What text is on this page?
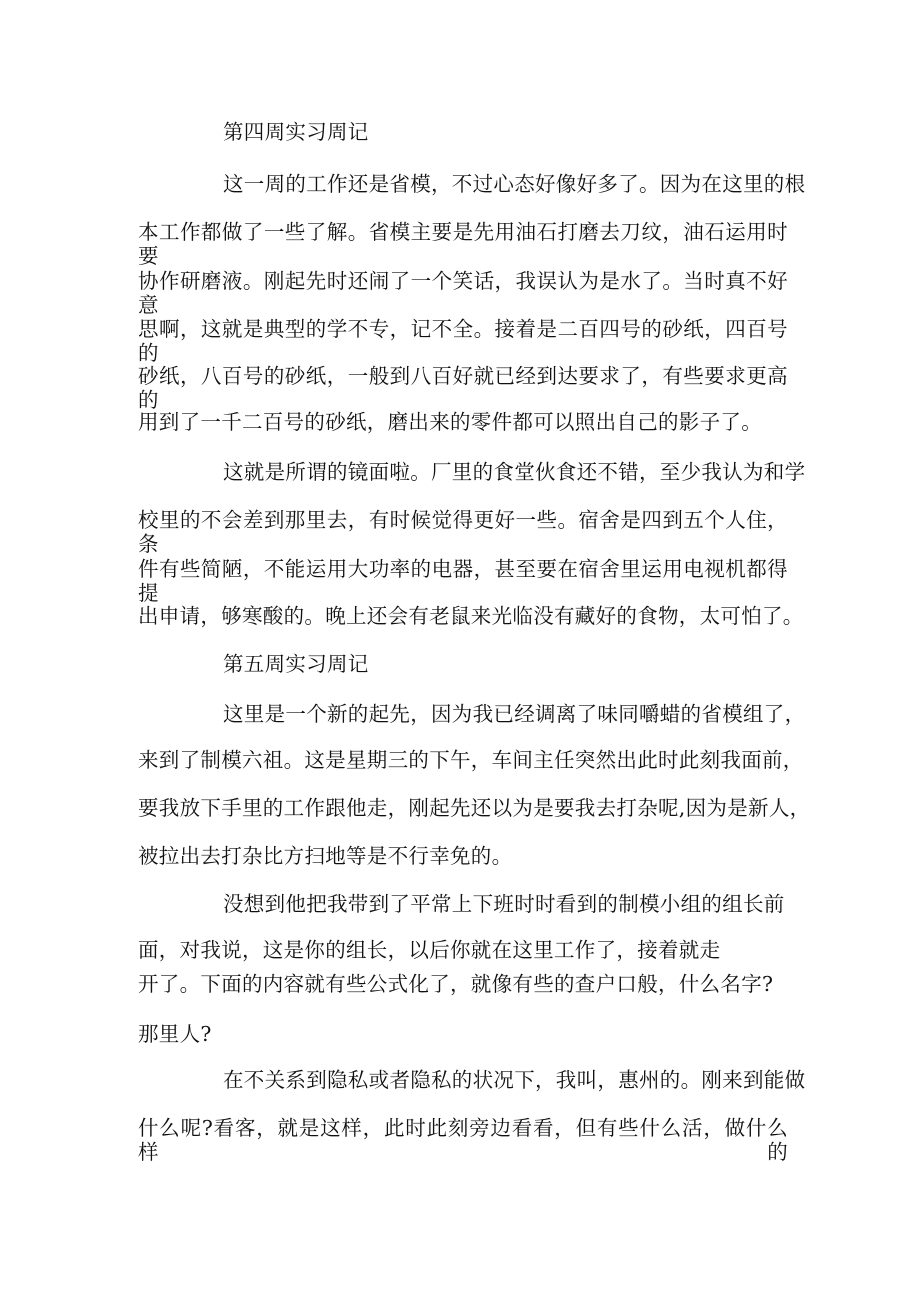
第四周实习周记
这一周的工作还是省模，不过心态好像好多了。因为在这里的根
本工作都做了一些了解。省模主要是先用油石打磨去刀纹，油石运用时要
协作研磨液。刚起先时还闹了一个笑话，我误认为是水了。当时真不好意
思啊，这就是典型的学不专，记不全。接着是二百四号的砂纸，四百号的
砂纸，八百号的砂纸，一般到八百好就已经到达要求了，有些要求更高的
用到了一千二百号的砂纸，磨出来的零件都可以照出自己的影子了。
这就是所谓的镜面啦。厂里的食堂伙食还不错，至少我认为和学
校里的不会差到那里去，有时候觉得更好一些。宿舍是四到五个人住，条
件有些简陋，不能运用大功率的电器，甚至要在宿舍里运用电视机都得提
出申请，够寒酸的。晚上还会有老鼠来光临没有藏好的食物，太可怕了。
第五周实习周记
这里是一个新的起先，因为我已经调离了味同嚼蜡的省模组了，
来到了制模六祖。这是星期三的下午，车间主任突然出此时此刻我面前，
要我放下手里的工作跟他走，刚起先还以为是要我去打杂呢,因为是新人，
被拉出去打杂比方扫地等是不行幸免的。
没想到他把我带到了平常上下班时时看到的制模小组的组长前
面，对我说，这是你的组长，以后你就在这里工作了，接着就走
开了。下面的内容就有些公式化了，就像有些的查户口般，什么名字?
那里人?
在不关系到隐私或者隐私的状况下，我叫，惠州的。刚来到能做
什么呢?看客，就是这样，此时此刻旁边看看，但有些什么活，做什么样的
